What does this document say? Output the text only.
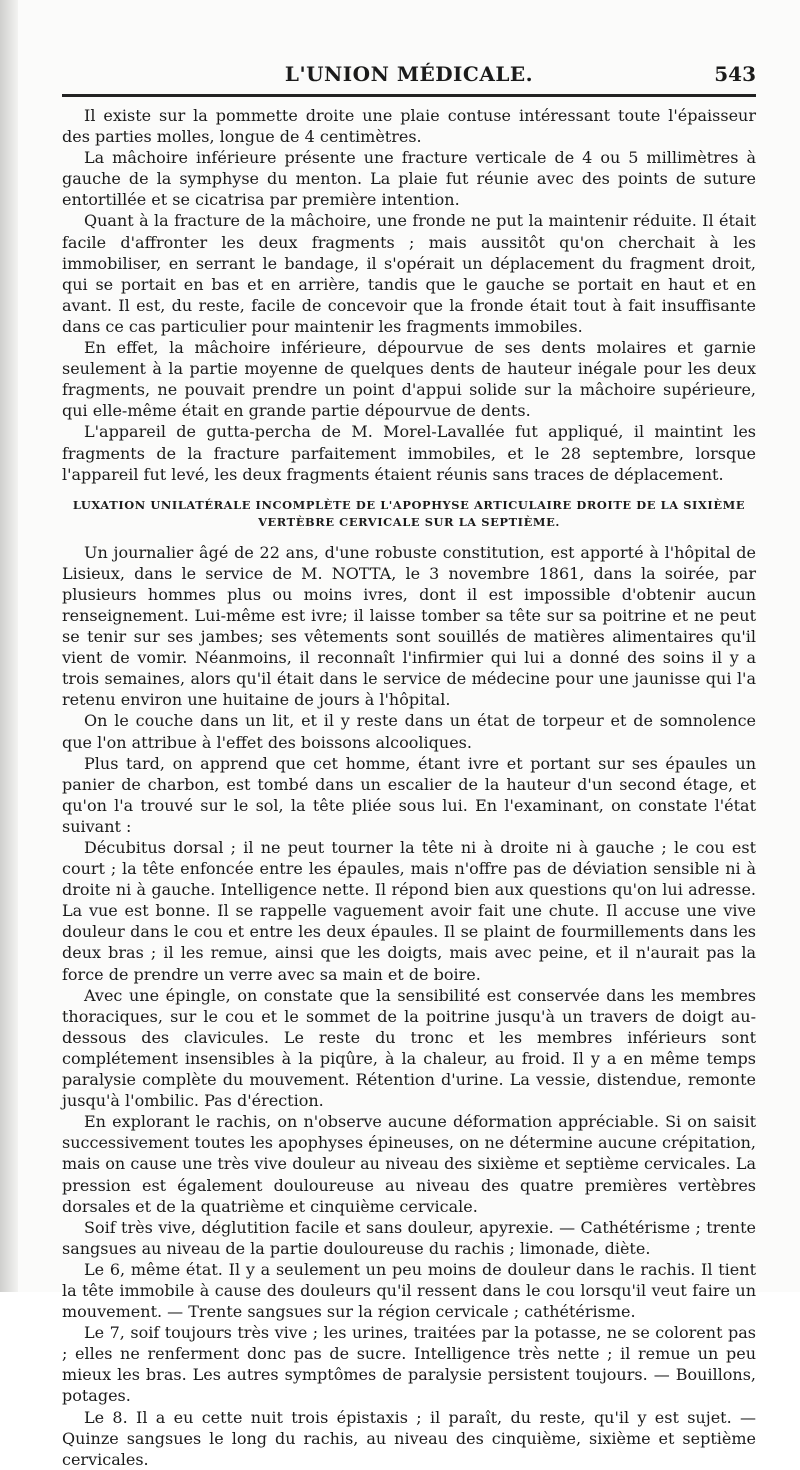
L'UNION MÉDICALE.	543

Il existe sur la pommette droite une plaie contuse intéressant toute l'épaisseur des parties molles, longue de 4 centimètres.

La mâchoire inférieure présente une fracture verticale de 4 ou 5 millimètres à gauche de la symphyse du menton. La plaie fut réunie avec des points de suture entortillée et se cicatrisa par première intention.

Quant à la fracture de la mâchoire, une fronde ne put la maintenir réduite. Il était facile d'affronter les deux fragments ; mais aussitôt qu'on cherchait à les immobiliser, en serrant le bandage, il s'opérait un déplacement du fragment droit, qui se portait en bas et en arrière, tandis que le gauche se portait en haut et en avant. Il est, du reste, facile de concevoir que la fronde était tout à fait insuffisante dans ce cas particulier pour maintenir les fragments immobiles.

En effet, la mâchoire inférieure, dépourvue de ses dents molaires et garnie seulement à la partie moyenne de quelques dents de hauteur inégale pour les deux fragments, ne pouvait prendre un point d'appui solide sur la mâchoire supérieure, qui elle-même était en grande partie dépourvue de dents.

L'appareil de gutta-percha de M. Morel-Lavallée fut appliqué, il maintint les fragments de la fracture parfaitement immobiles, et le 28 septembre, lorsque l'appareil fut levé, les deux fragments étaient réunis sans traces de déplacement.

LUXATION UNILATÉRALE INCOMPLÈTE DE L'APOPHYSE ARTICULAIRE DROITE DE LA SIXIÈME
VERTÈBRE CERVICALE SUR LA SEPTIÈME.

Un journalier âgé de 22 ans, d'une robuste constitution, est apporté à l'hôpital de Lisieux, dans le service de M. NOTTA, le 3 novembre 1861, dans la soirée, par plusieurs hommes plus ou moins ivres, dont il est impossible d'obtenir aucun renseignement. Lui-même est ivre; il laisse tomber sa tête sur sa poitrine et ne peut se tenir sur ses jambes; ses vêtements sont souillés de matières alimentaires qu'il vient de vomir. Néanmoins, il reconnaît l'infirmier qui lui a donné des soins il y a trois semaines, alors qu'il était dans le service de médecine pour une jaunisse qui l'a retenu environ une huitaine de jours à l'hôpital.

On le couche dans un lit, et il y reste dans un état de torpeur et de somnolence que l'on attribue à l'effet des boissons alcooliques.

Plus tard, on apprend que cet homme, étant ivre et portant sur ses épaules un panier de charbon, est tombé dans un escalier de la hauteur d'un second étage, et qu'on l'a trouvé sur le sol, la tête pliée sous lui. En l'examinant, on constate l'état suivant :

Décubitus dorsal ; il ne peut tourner la tête ni à droite ni à gauche ; le cou est court ; la tête enfoncée entre les épaules, mais n'offre pas de déviation sensible ni à droite ni à gauche. Intelligence nette. Il répond bien aux questions qu'on lui adresse. La vue est bonne. Il se rappelle vaguement avoir fait une chute. Il accuse une vive douleur dans le cou et entre les deux épaules. Il se plaint de fourmillements dans les deux bras ; il les remue, ainsi que les doigts, mais avec peine, et il n'aurait pas la force de prendre un verre avec sa main et de boire.

Avec une épingle, on constate que la sensibilité est conservée dans les membres thoraciques, sur le cou et le sommet de la poitrine jusqu'à un travers de doigt au-dessous des clavicules. Le reste du tronc et les membres inférieurs sont complétement insensibles à la piqûre, à la chaleur, au froid. Il y a en même temps paralysie complète du mouvement. Rétention d'urine. La vessie, distendue, remonte jusqu'à l'ombilic. Pas d'érection.

En explorant le rachis, on n'observe aucune déformation appréciable. Si on saisit successivement toutes les apophyses épineuses, on ne détermine aucune crépitation, mais on cause une très vive douleur au niveau des sixième et septième cervicales. La pression est également douloureuse au niveau des quatre premières vertèbres dorsales et de la quatrième et cinquième cervicale.

Soif très vive, déglutition facile et sans douleur, apyrexie. — Cathétérisme ; trente sangsues au niveau de la partie douloureuse du rachis ; limonade, diète.

Le 6, même état. Il y a seulement un peu moins de douleur dans le rachis. Il tient la tête immobile à cause des douleurs qu'il ressent dans le cou lorsqu'il veut faire un mouvement. — Trente sangsues sur la région cervicale ; cathétérisme.

Le 7, soif toujours très vive ; les urines, traitées par la potasse, ne se colorent pas ; elles ne renferment donc pas de sucre. Intelligence très nette ; il remue un peu mieux les bras. Les autres symptômes de paralysie persistent toujours. — Bouillons, potages.

Le 8. Il a eu cette nuit trois épistaxis ; il paraît, du reste, qu'il y est sujet. — Quinze sangsues le long du rachis, au niveau des cinquième, sixième et septième cervicales.
